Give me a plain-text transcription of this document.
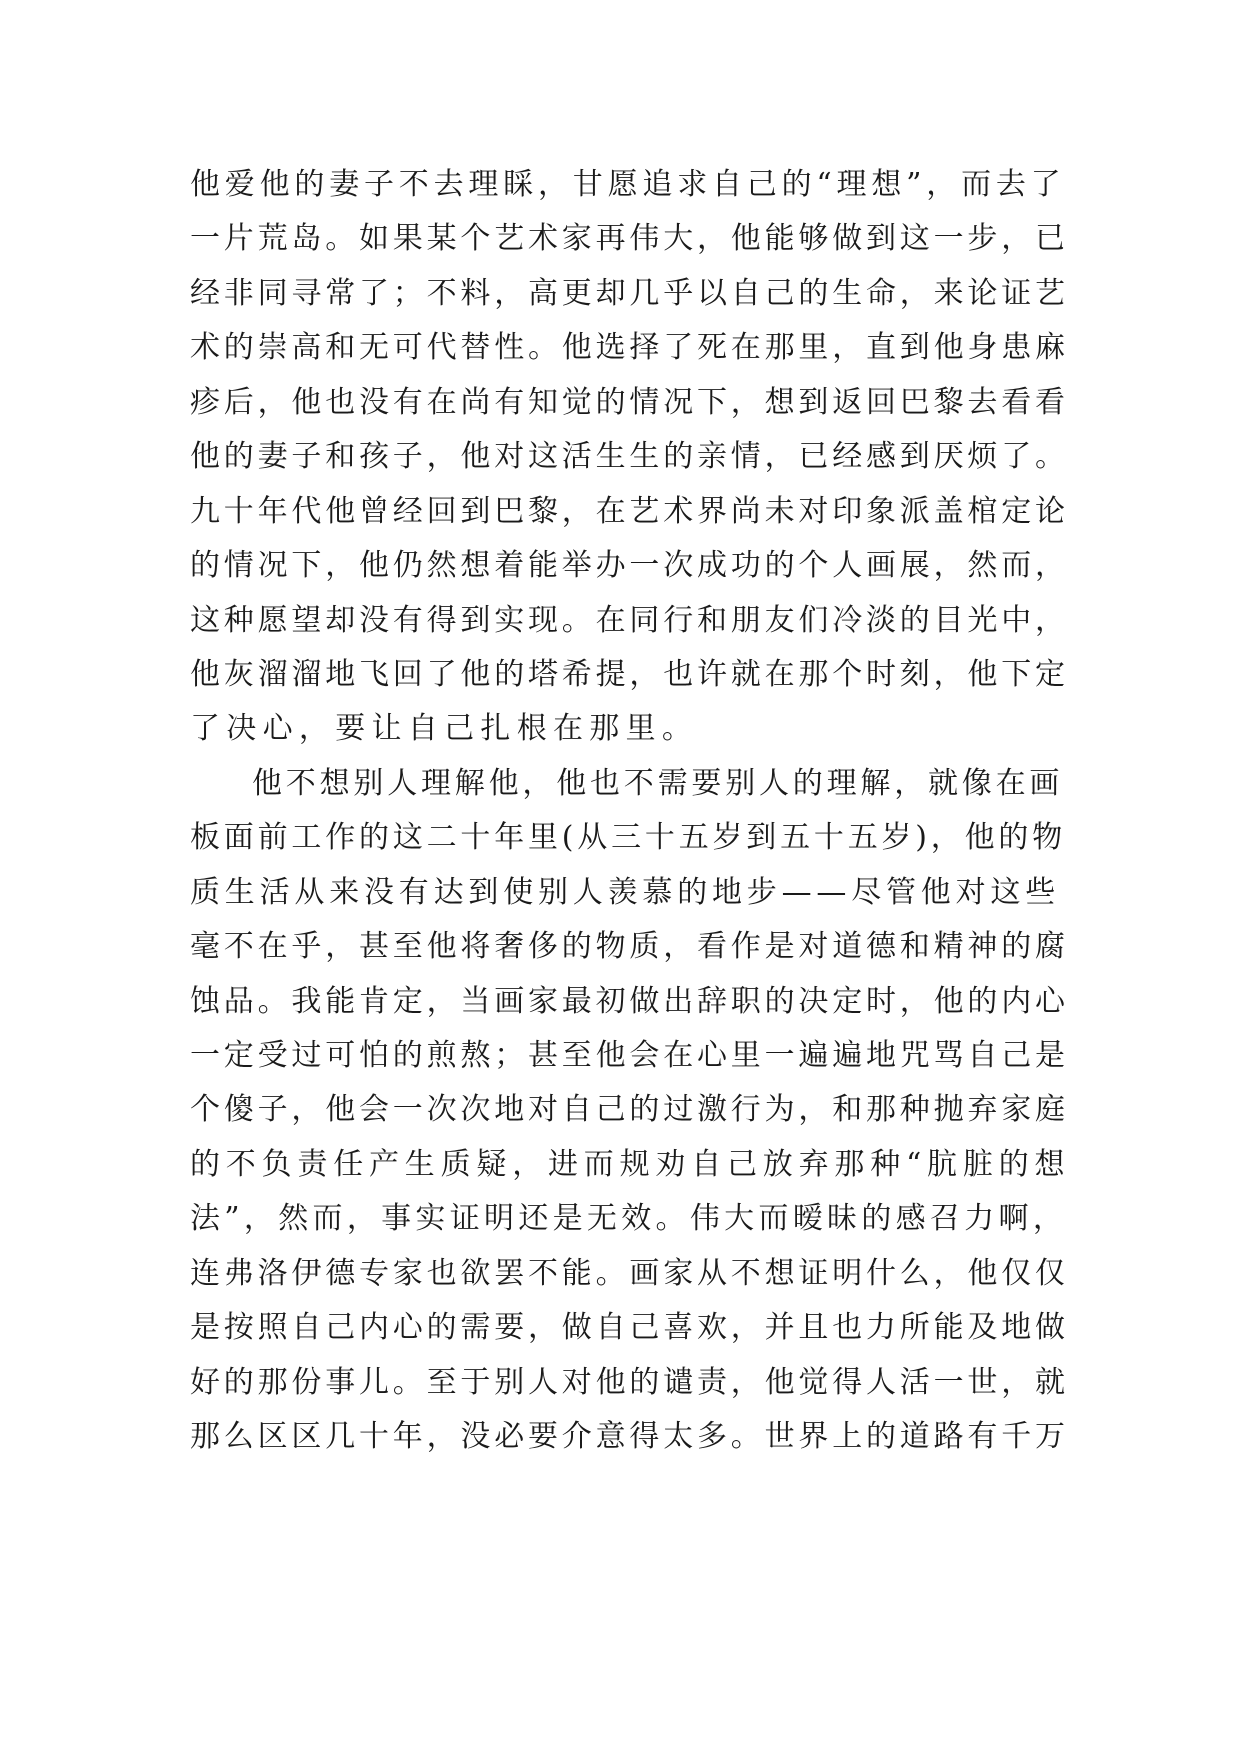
他爱他的妻子不去理睬，甘愿追求自己的“理想”，而去了
一片荒岛。如果某个艺术家再伟大，他能够做到这一步，已
经非同寻常了；不料，高更却几乎以自己的生命，来论证艺
术的崇高和无可代替性。他选择了死在那里，直到他身患麻
疹后，他也没有在尚有知觉的情况下，想到返回巴黎去看看
他的妻子和孩子，他对这活生生的亲情，已经感到厌烦了。
九十年代他曾经回到巴黎，在艺术界尚未对印象派盖棺定论
的情况下，他仍然想着能举办一次成功的个人画展，然而，
这种愿望却没有得到实现。在同行和朋友们冷淡的目光中，
他灰溜溜地飞回了他的塔希提，也许就在那个时刻，他下定
了决心，要让自己扎根在那里。
他不想别人理解他，他也不需要别人的理解，就像在画
板面前工作的这二十年里(从三十五岁到五十五岁)，他的物
质生活从来没有达到使别人羡慕的地步——尽管他对这些
毫不在乎，甚至他将奢侈的物质，看作是对道德和精神的腐
蚀品。我能肯定，当画家最初做出辞职的决定时，他的内心
一定受过可怕的煎熬；甚至他会在心里一遍遍地咒骂自己是
个傻子，他会一次次地对自己的过激行为，和那种抛弃家庭
的不负责任产生质疑，进而规劝自己放弃那种“肮脏的想
法”，然而，事实证明还是无效。伟大而暧昧的感召力啊，
连弗洛伊德专家也欲罢不能。画家从不想证明什么，他仅仅
是按照自己内心的需要，做自己喜欢，并且也力所能及地做
好的那份事儿。至于别人对他的谴责，他觉得人活一世，就
那么区区几十年，没必要介意得太多。世界上的道路有千万
